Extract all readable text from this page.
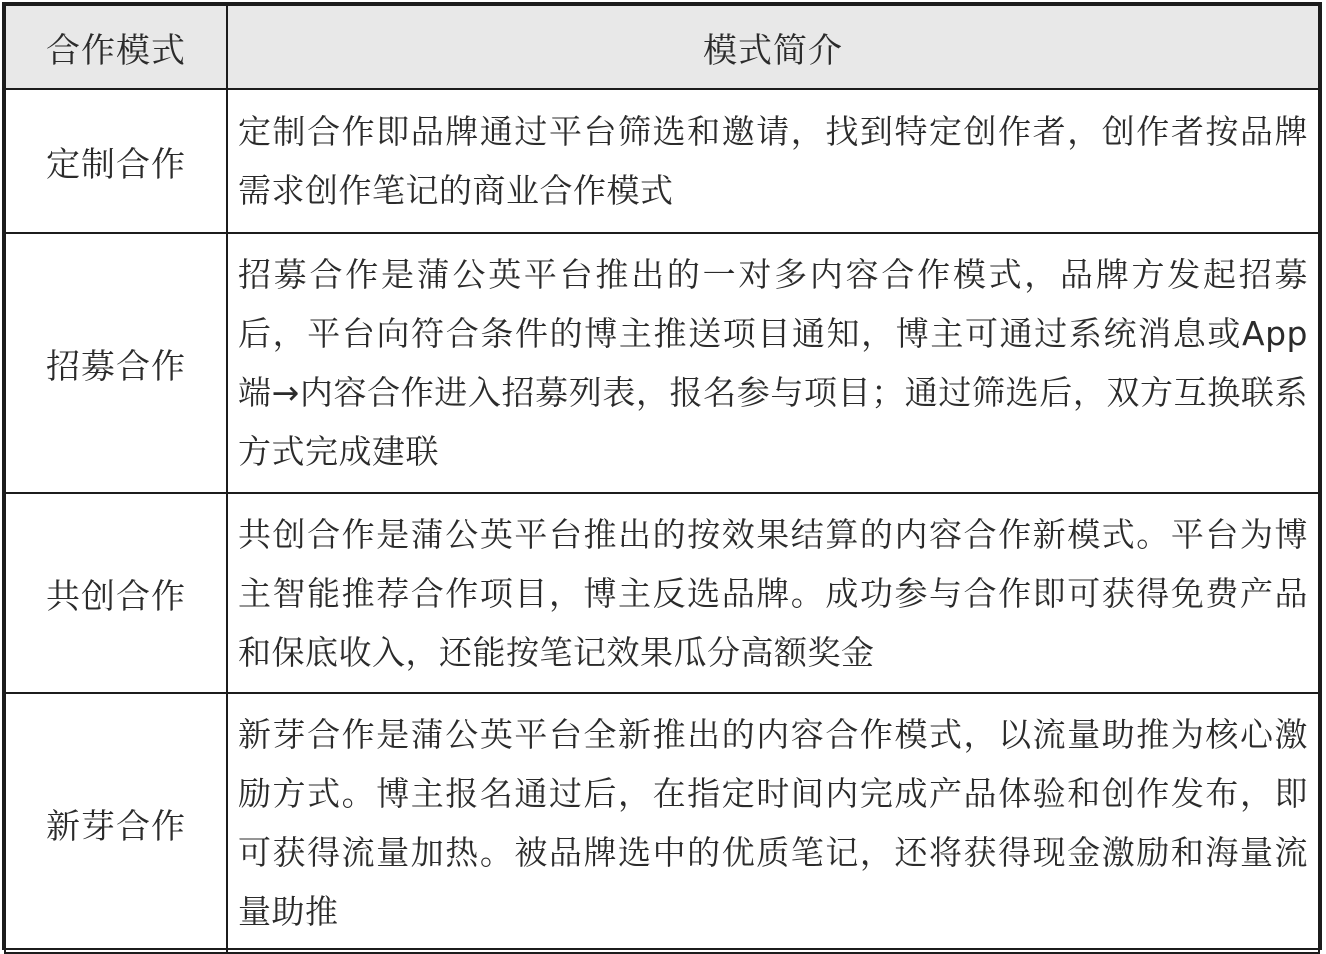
合作模式	模式简介
定制合作	定制合作即品牌通过平台筛选和邀请，找到特定创作者，创作者按品牌需求创作笔记的商业合作模式
招募合作	招募合作是蒲公英平台推出的一对多内容合作模式，品牌方发起招募后，平台向符合条件的博主推送项目通知，博主可通过系统消息或App端→内容合作进入招募列表，报名参与项目；通过筛选后，双方互换联系方式完成建联
共创合作	共创合作是蒲公英平台推出的按效果结算的内容合作新模式。平台为博主智能推荐合作项目，博主反选品牌。成功参与合作即可获得免费产品和保底收入，还能按笔记效果瓜分高额奖金
新芽合作	新芽合作是蒲公英平台全新推出的内容合作模式，以流量助推为核心激励方式。博主报名通过后，在指定时间内完成产品体验和创作发布，即可获得流量加热。被品牌选中的优质笔记，还将获得现金激励和海量流量助推
